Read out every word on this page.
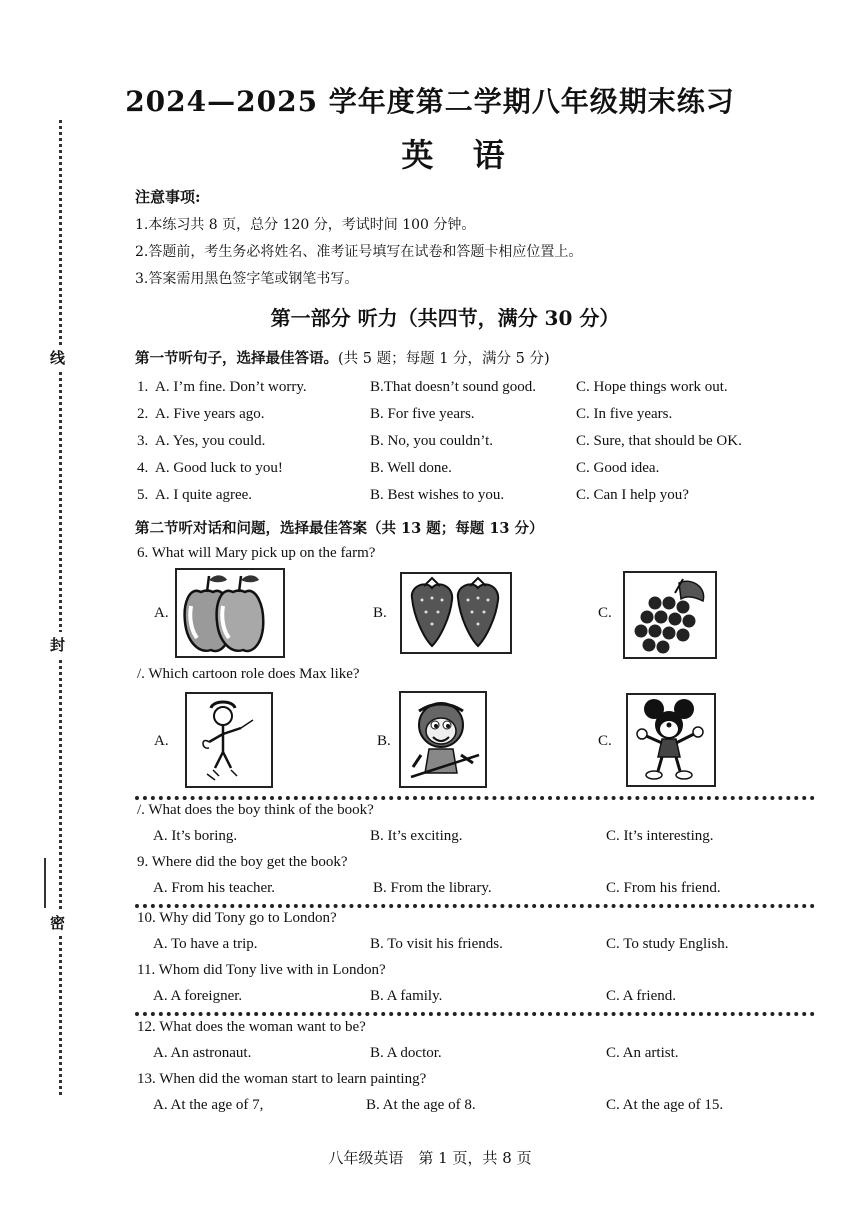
线
封
密
2024—2025 学年度第二学期八年级期末练习
英 语
注意事项:
1.本练习共 8 页，总分 120 分，考试时间 100 分钟。
2.答题前，考生务必将姓名、准考证号填写在试卷和答题卡相应位置上。
3.答案需用黑色签字笔或钢笔书写。
第一部分 听力（共四节，满分 30 分）
第一节听句子，选择最佳答语。(共 5 题；每题 1 分，满分 5 分)
1. A. I’m fine. Don’t worry.	B.That doesn’t sound good.	C. Hope things work out.
2. A. Five years ago.	B. For five years.	C. In five years.
3. A. Yes, you could.	B. No, you couldn’t.	C. Sure, that should be OK.
4. A. Good luck to you!	B. Well done.	C. Good idea.
5. A. I quite agree.	B. Best wishes to you.	C. Can I help you?
第二节听对话和问题，选择最佳答案（共 13 题；每题 13 分）
6. What will Mary pick up on the farm?
A.	B.	C.
/. Which cartoon role does Max like?
A.	B.	C.
/. What does the boy think of the book?
A. It’s boring.	B. It’s exciting.	C. It’s interesting.
9. Where did the boy get the book?
A. From his teacher.	B. From the library.	C. From his friend.
10. Why did Tony go to London?
A. To have a trip.	B. To visit his friends.	C. To study English.
11. Whom did Tony live with in London?
A. A foreigner.	B. A family.	C. A friend.
12. What does the woman want to be?
A. An astronaut.	B. A doctor.	C. An artist.
13. When did the woman start to learn painting?
A. At the age of 7,	B. At the age of 8.	C. At the age of 15.
八年级英语　第 1 页，共 8 页
